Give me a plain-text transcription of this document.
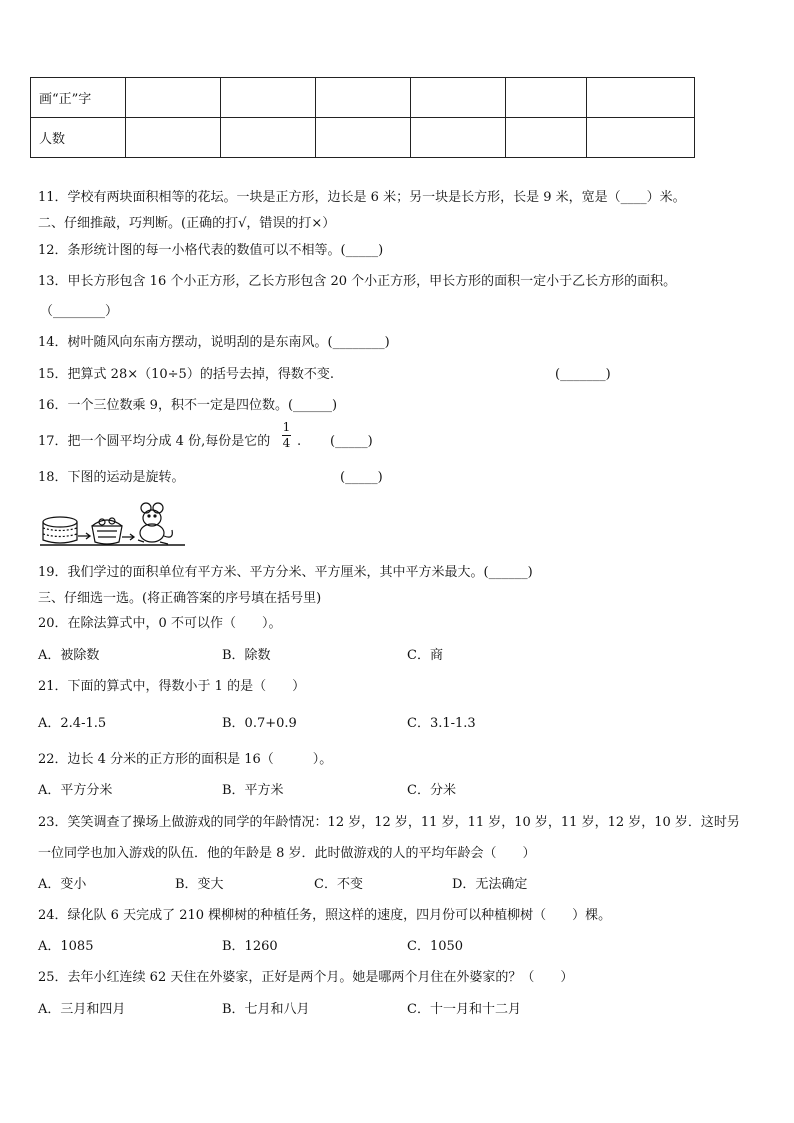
画“正”字						
人数						
11．学校有两块面积相等的花坛。一块是正方形，边长是 6 米；另一块是长方形，长是 9 米，宽是（____）米。
二、仔细推敲，巧判断。(正确的打√，错误的打×）
12．条形统计图的每一小格代表的数值可以不相等。(_____)
13．甲长方形包含 16 个小正方形，乙长方形包含 20 个小正方形，甲长方形的面积一定小于乙长方形的面积。
（________）
14．树叶随风向东南方摆动，说明刮的是东南风。(________)
15．把算式 28×（10÷5）的括号去掉，得数不变.	(_______)
16．一个三位数乘 9，积不一定是四位数。(______)
17．把一个圆平均分成 4 份,每份是它的
1
4 . (_____)
18．下图的运动是旋转。	(_____)
19．我们学过的面积单位有平方米、平方分米、平方厘米，其中平方米最大。(______)
三、仔细选一选。(将正确答案的序号填在括号里)
20．在除法算式中，0 不可以作（　　）。
A．被除数	B．除数	C．商
21．下面的算式中，得数小于 1 的是（　　）
A．2.4-1.5	B．0.7+0.9	C．3.1-1.3
22．边长 4 分米的正方形的面积是 16（　　　）。
A．平方分米	B．平方米	C．分米
23．笑笑调查了操场上做游戏的同学的年龄情况：12 岁，12 岁，11 岁，11 岁，10 岁，11 岁，12 岁，10 岁．这时另
一位同学也加入游戏的队伍．他的年龄是 8 岁．此时做游戏的人的平均年龄会（　　）
A．变小	B．变大	C．不变	D．无法确定
24．绿化队 6 天完成了 210 棵柳树的种植任务，照这样的速度，四月份可以种植柳树（　　）棵。
A．1085	B．1260	C．1050
25．去年小红连续 62 天住在外婆家，正好是两个月。她是哪两个月住在外婆家的？（　　）
A．三月和四月	B．七月和八月	C．十一月和十二月
